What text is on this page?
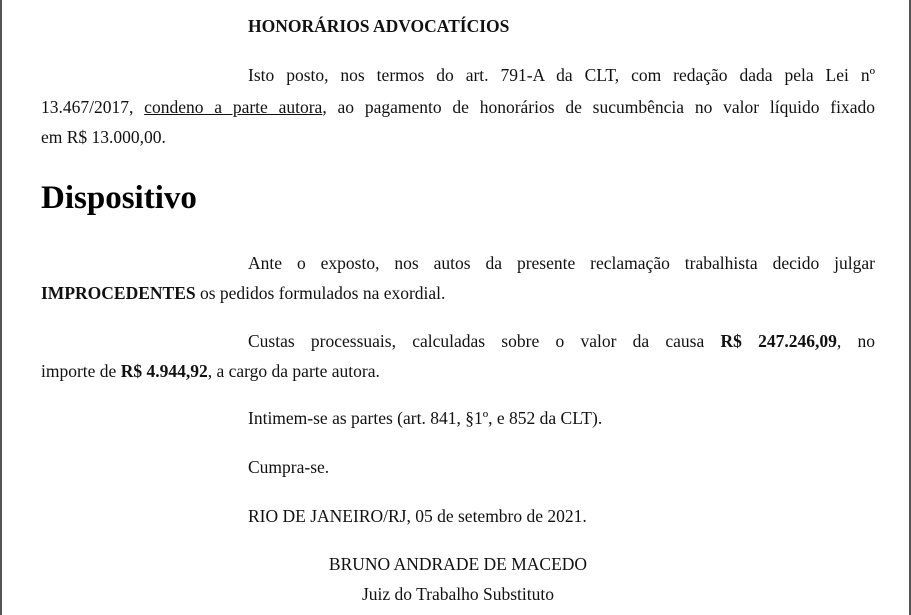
HONORÁRIOS ADVOCATÍCIOS
Isto posto, nos termos do art. 791-A da CLT, com redação dada pela Lei nº
13.467/2017, condeno a parte autora, ao pagamento de honorários de sucumbência no valor líquido fixado
em R$ 13.000,00.
Dispositivo
Ante o exposto, nos autos da presente reclamação trabalhista decido julgar
IMPROCEDENTES os pedidos formulados na exordial.
Custas processuais, calculadas sobre o valor da causa R$ 247.246,09, no
importe de R$ 4.944,92, a cargo da parte autora.
Intimem-se as partes (art. 841, §1º, e 852 da CLT).
Cumpra-se.
RIO DE JANEIRO/RJ, 05 de setembro de 2021.
BRUNO ANDRADE DE MACEDO
Juiz do Trabalho Substituto
